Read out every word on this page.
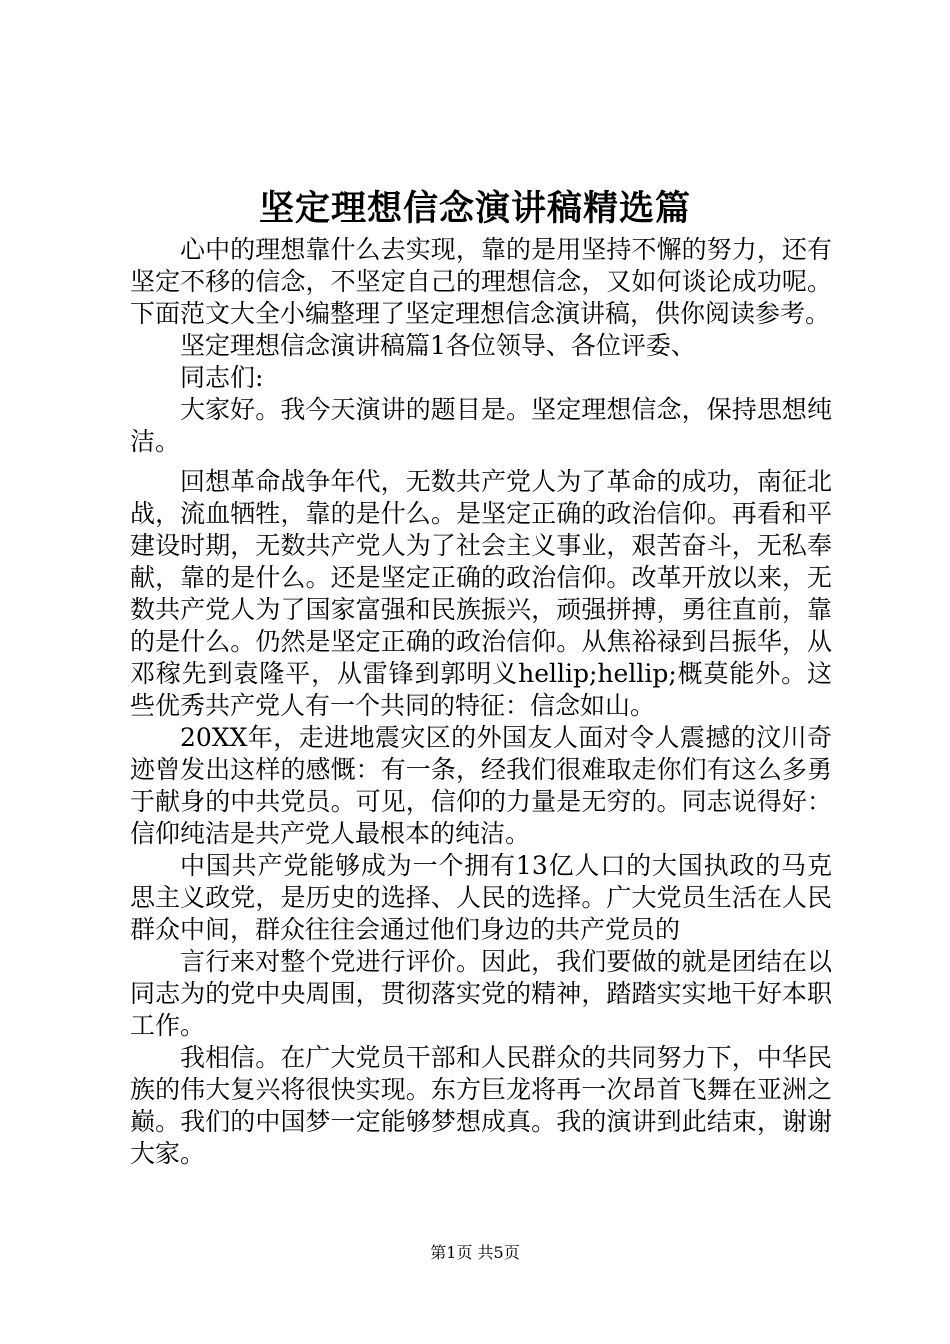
坚定理想信念演讲稿精选篇

心中的理想靠什么去实现，靠的是用坚持不懈的努力，还有坚定不移的信念，不坚定自己的理想信念，又如何谈论成功呢。下面范文大全小编整理了坚定理想信念演讲稿，供你阅读参考。

坚定理想信念演讲稿篇1各位领导、各位评委、

同志们:

大家好。我今天演讲的题目是。坚定理想信念，保持思想纯洁。

回想革命战争年代，无数共产党人为了革命的成功，南征北战，流血牺牲，靠的是什么。是坚定正确的政治信仰。再看和平建设时期，无数共产党人为了社会主义事业，艰苦奋斗，无私奉献，靠的是什么。还是坚定正确的政治信仰。改革开放以来，无数共产党人为了国家富强和民族振兴，顽强拼搏，勇往直前，靠的是什么。仍然是坚定正确的政治信仰。从焦裕禄到吕振华，从邓稼先到袁隆平，从雷锋到郭明义hellip;hellip;概莫能外。这些优秀共产党人有一个共同的特征：信念如山。

20XX年，走进地震灾区的外国友人面对令人震撼的汶川奇迹曾发出这样的感慨：有一条，经我们很难取走你们有这么多勇于献身的中共党员。可见，信仰的力量是无穷的。同志说得好：信仰纯洁是共产党人最根本的纯洁。

中国共产党能够成为一个拥有13亿人口的大国执政的马克思主义政党，是历史的选择、人民的选择。广大党员生活在人民群众中间，群众往往会通过他们身边的共产党员的

言行来对整个党进行评价。因此，我们要做的就是团结在以同志为的党中央周围，贯彻落实党的精神，踏踏实实地干好本职工作。

我相信。在广大党员干部和人民群众的共同努力下，中华民族的伟大复兴将很快实现。东方巨龙将再一次昂首飞舞在亚洲之巅。我们的中国梦一定能够梦想成真。我的演讲到此结束，谢谢大家。

第1页 共5页
